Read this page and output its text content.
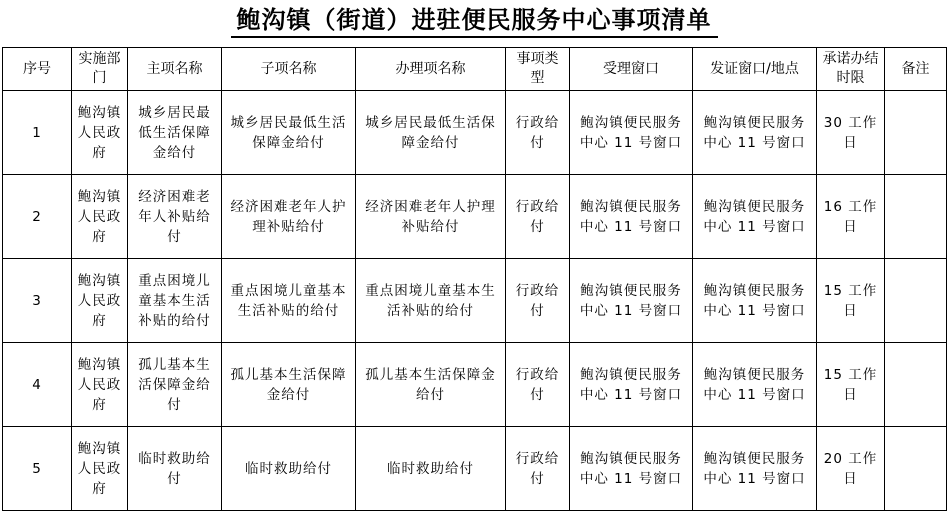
鲍沟镇（街道）进驻便民服务中心事项清单
序号	实施部门	主项名称	子项名称	办理项名称	事项类型	受理窗口	发证窗口/地点	承诺办结时限	备注
1	鲍沟镇人民政府	城乡居民最低生活保障金给付	城乡居民最低生活保障金给付	城乡居民最低生活保障金给付	行政给付	鲍沟镇便民服务中心 11 号窗口	鲍沟镇便民服务中心 11 号窗口	30 工作日	
2	鲍沟镇人民政府	经济困难老年人补贴给付	经济困难老年人护理补贴给付	经济困难老年人护理补贴给付	行政给付	鲍沟镇便民服务中心 11 号窗口	鲍沟镇便民服务中心 11 号窗口	16 工作日	
3	鲍沟镇人民政府	重点困境儿童基本生活补贴的给付	重点困境儿童基本生活补贴的给付	重点困境儿童基本生活补贴的给付	行政给付	鲍沟镇便民服务中心 11 号窗口	鲍沟镇便民服务中心 11 号窗口	15 工作日	
4	鲍沟镇人民政府	孤儿基本生活保障金给付	孤儿基本生活保障金给付	孤儿基本生活保障金给付	行政给付	鲍沟镇便民服务中心 11 号窗口	鲍沟镇便民服务中心 11 号窗口	15 工作日	
5	鲍沟镇人民政府	临时救助给付	临时救助给付	临时救助给付	行政给付	鲍沟镇便民服务中心 11 号窗口	鲍沟镇便民服务中心 11 号窗口	20 工作日	
